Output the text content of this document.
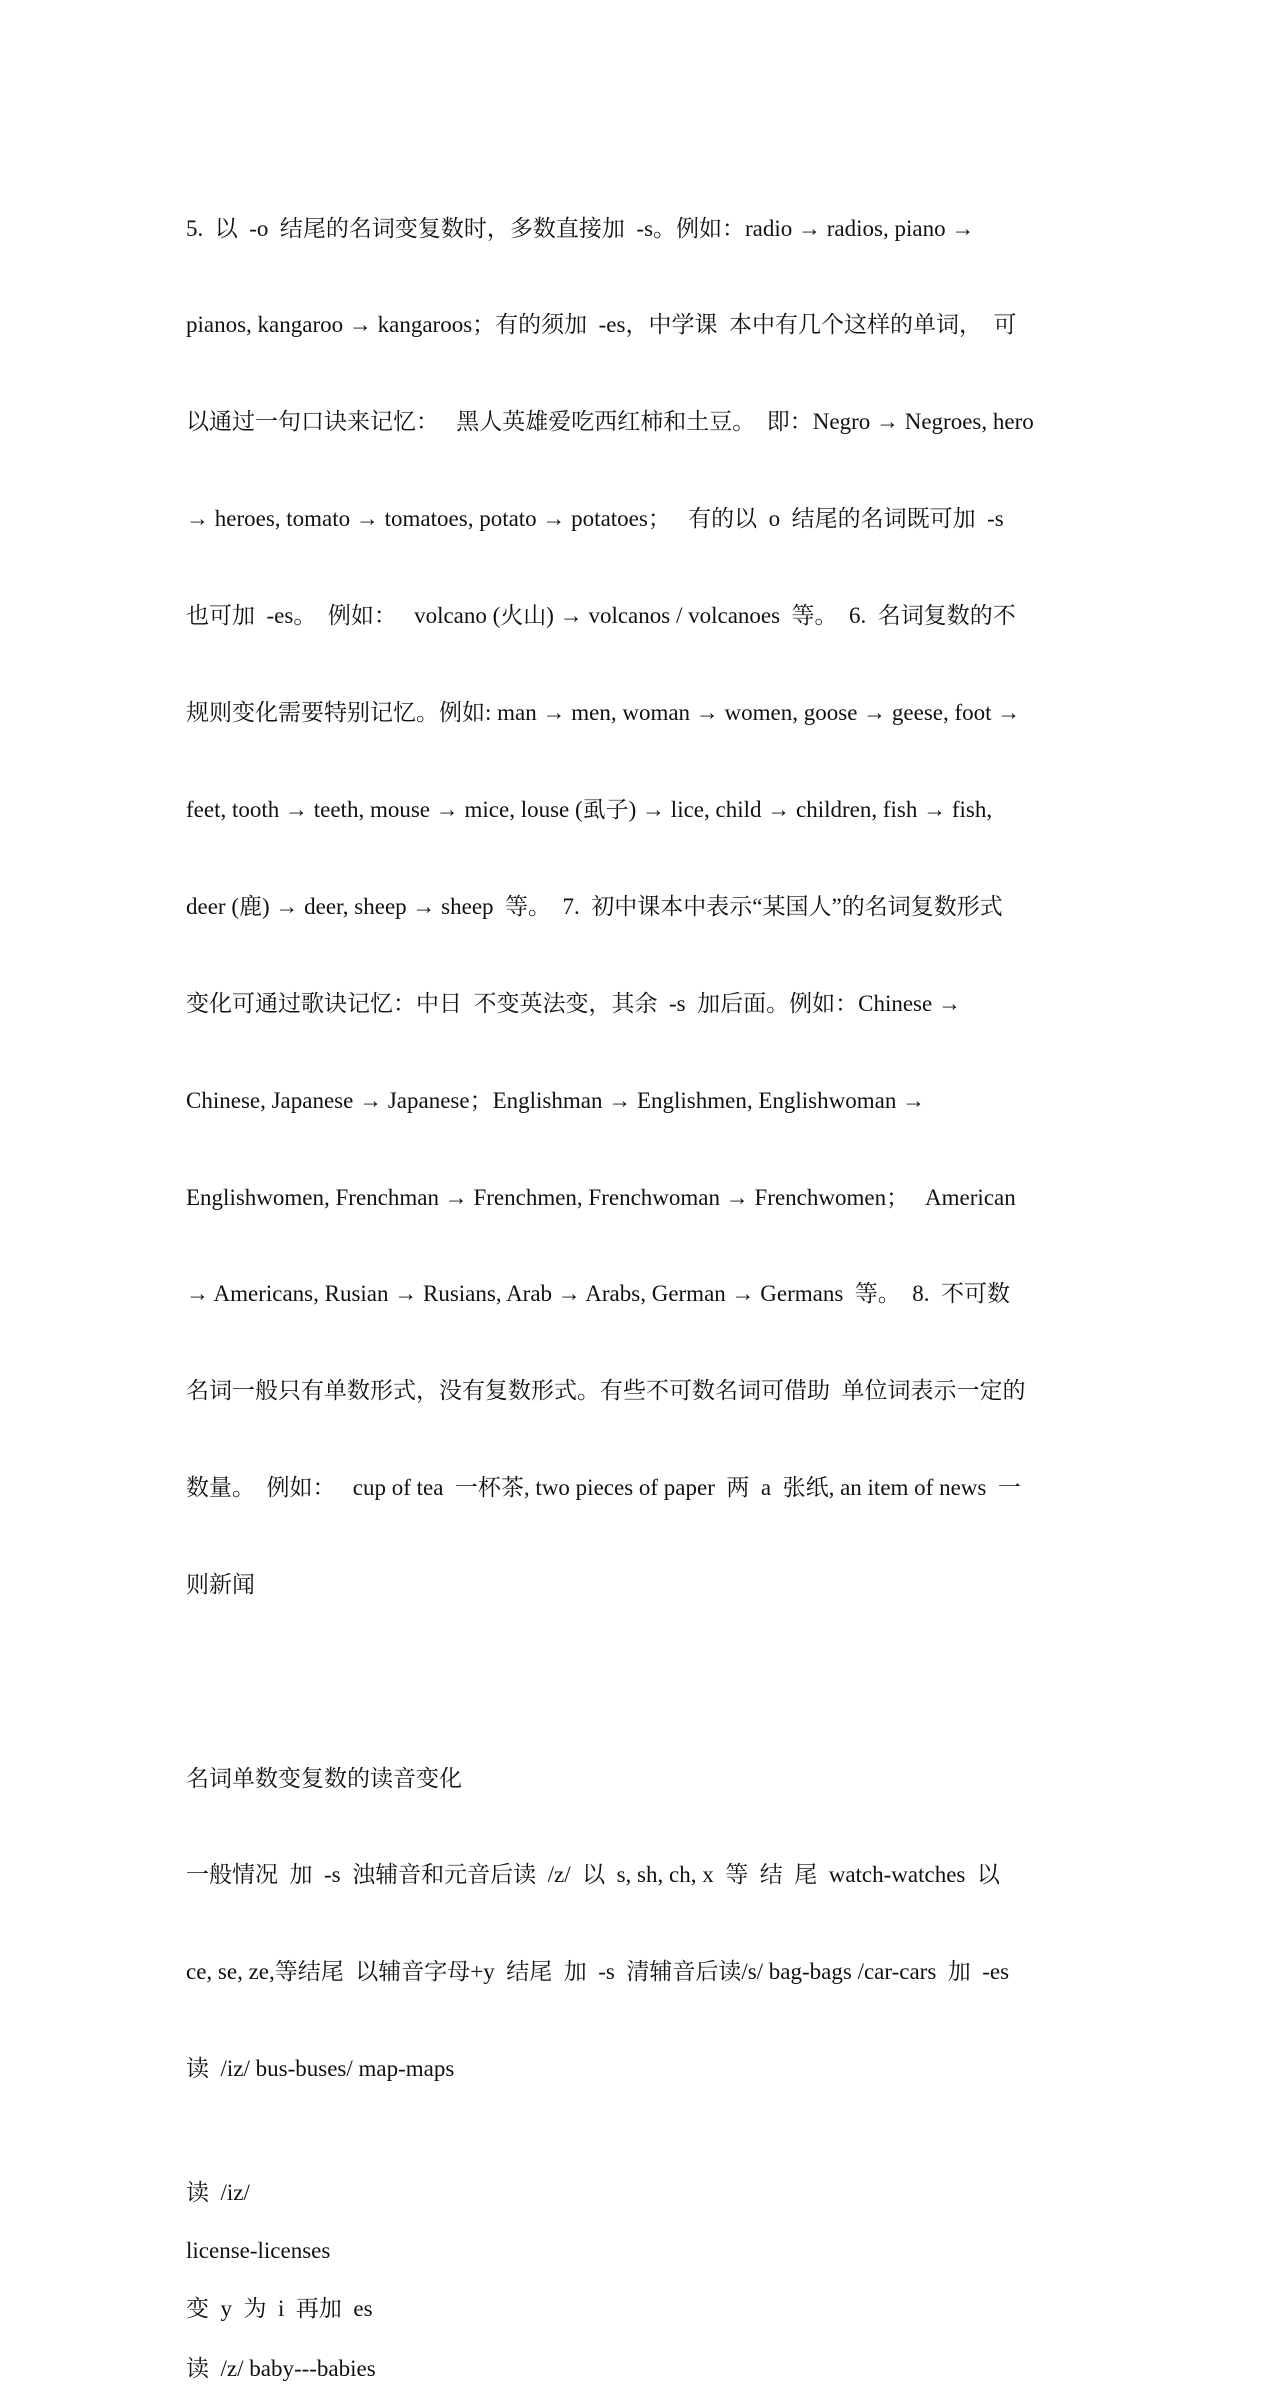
5.  以  -o  结尾的名词变复数时，多数直接加  -s。例如：radio → radios, piano →

pianos, kangaroo → kangaroos；有的须加  -es，中学课  本中有几个这样的单词，  可

以通过一句口诀来记忆：   黑人英雄爱吃西红柿和土豆。  即：Negro → Negroes, hero

→ heroes, tomato → tomatoes, potato → potatoes；   有的以  o  结尾的名词既可加  -s

也可加  -es。  例如：   volcano (火山) → volcanos / volcanoes  等。  6.  名词复数的不

规则变化需要特别记忆。例如: man → men, woman → women, goose → geese, foot →

feet, tooth → teeth, mouse → mice, louse (虱子) → lice, child → children, fish → fish,

deer (鹿) → deer, sheep → sheep  等。  7.  初中课本中表示“某国人”的名词复数形式

变化可通过歌诀记忆：中日  不变英法变，其余  -s  加后面。例如：Chinese →

Chinese, Japanese → Japanese；Englishman → Englishmen, Englishwoman →

Englishwomen, Frenchman → Frenchmen, Frenchwoman → Frenchwomen；   American

→ Americans, Rusian → Rusians, Arab → Arabs, German → Germans  等。  8.  不可数

名词一般只有单数形式，没有复数形式。有些不可数名词可借助  单位词表示一定的

数量。  例如：   cup of tea  一杯茶, two pieces of paper  两  a  张纸, an item of news  一

则新闻

名词单数变复数的读音变化

一般情况  加  -s  浊辅音和元音后读  /z/  以  s, sh, ch, x  等  结  尾  watch-watches  以

ce, se, ze,等结尾  以辅音字母+y  结尾  加  -s  清辅音后读/s/ bag-bags /car-cars  加  -es

读  /iz/ bus-buses/ map-maps

读  /iz/
license-licenses
变  y  为  i  再加  es
读  /z/ baby---babies
